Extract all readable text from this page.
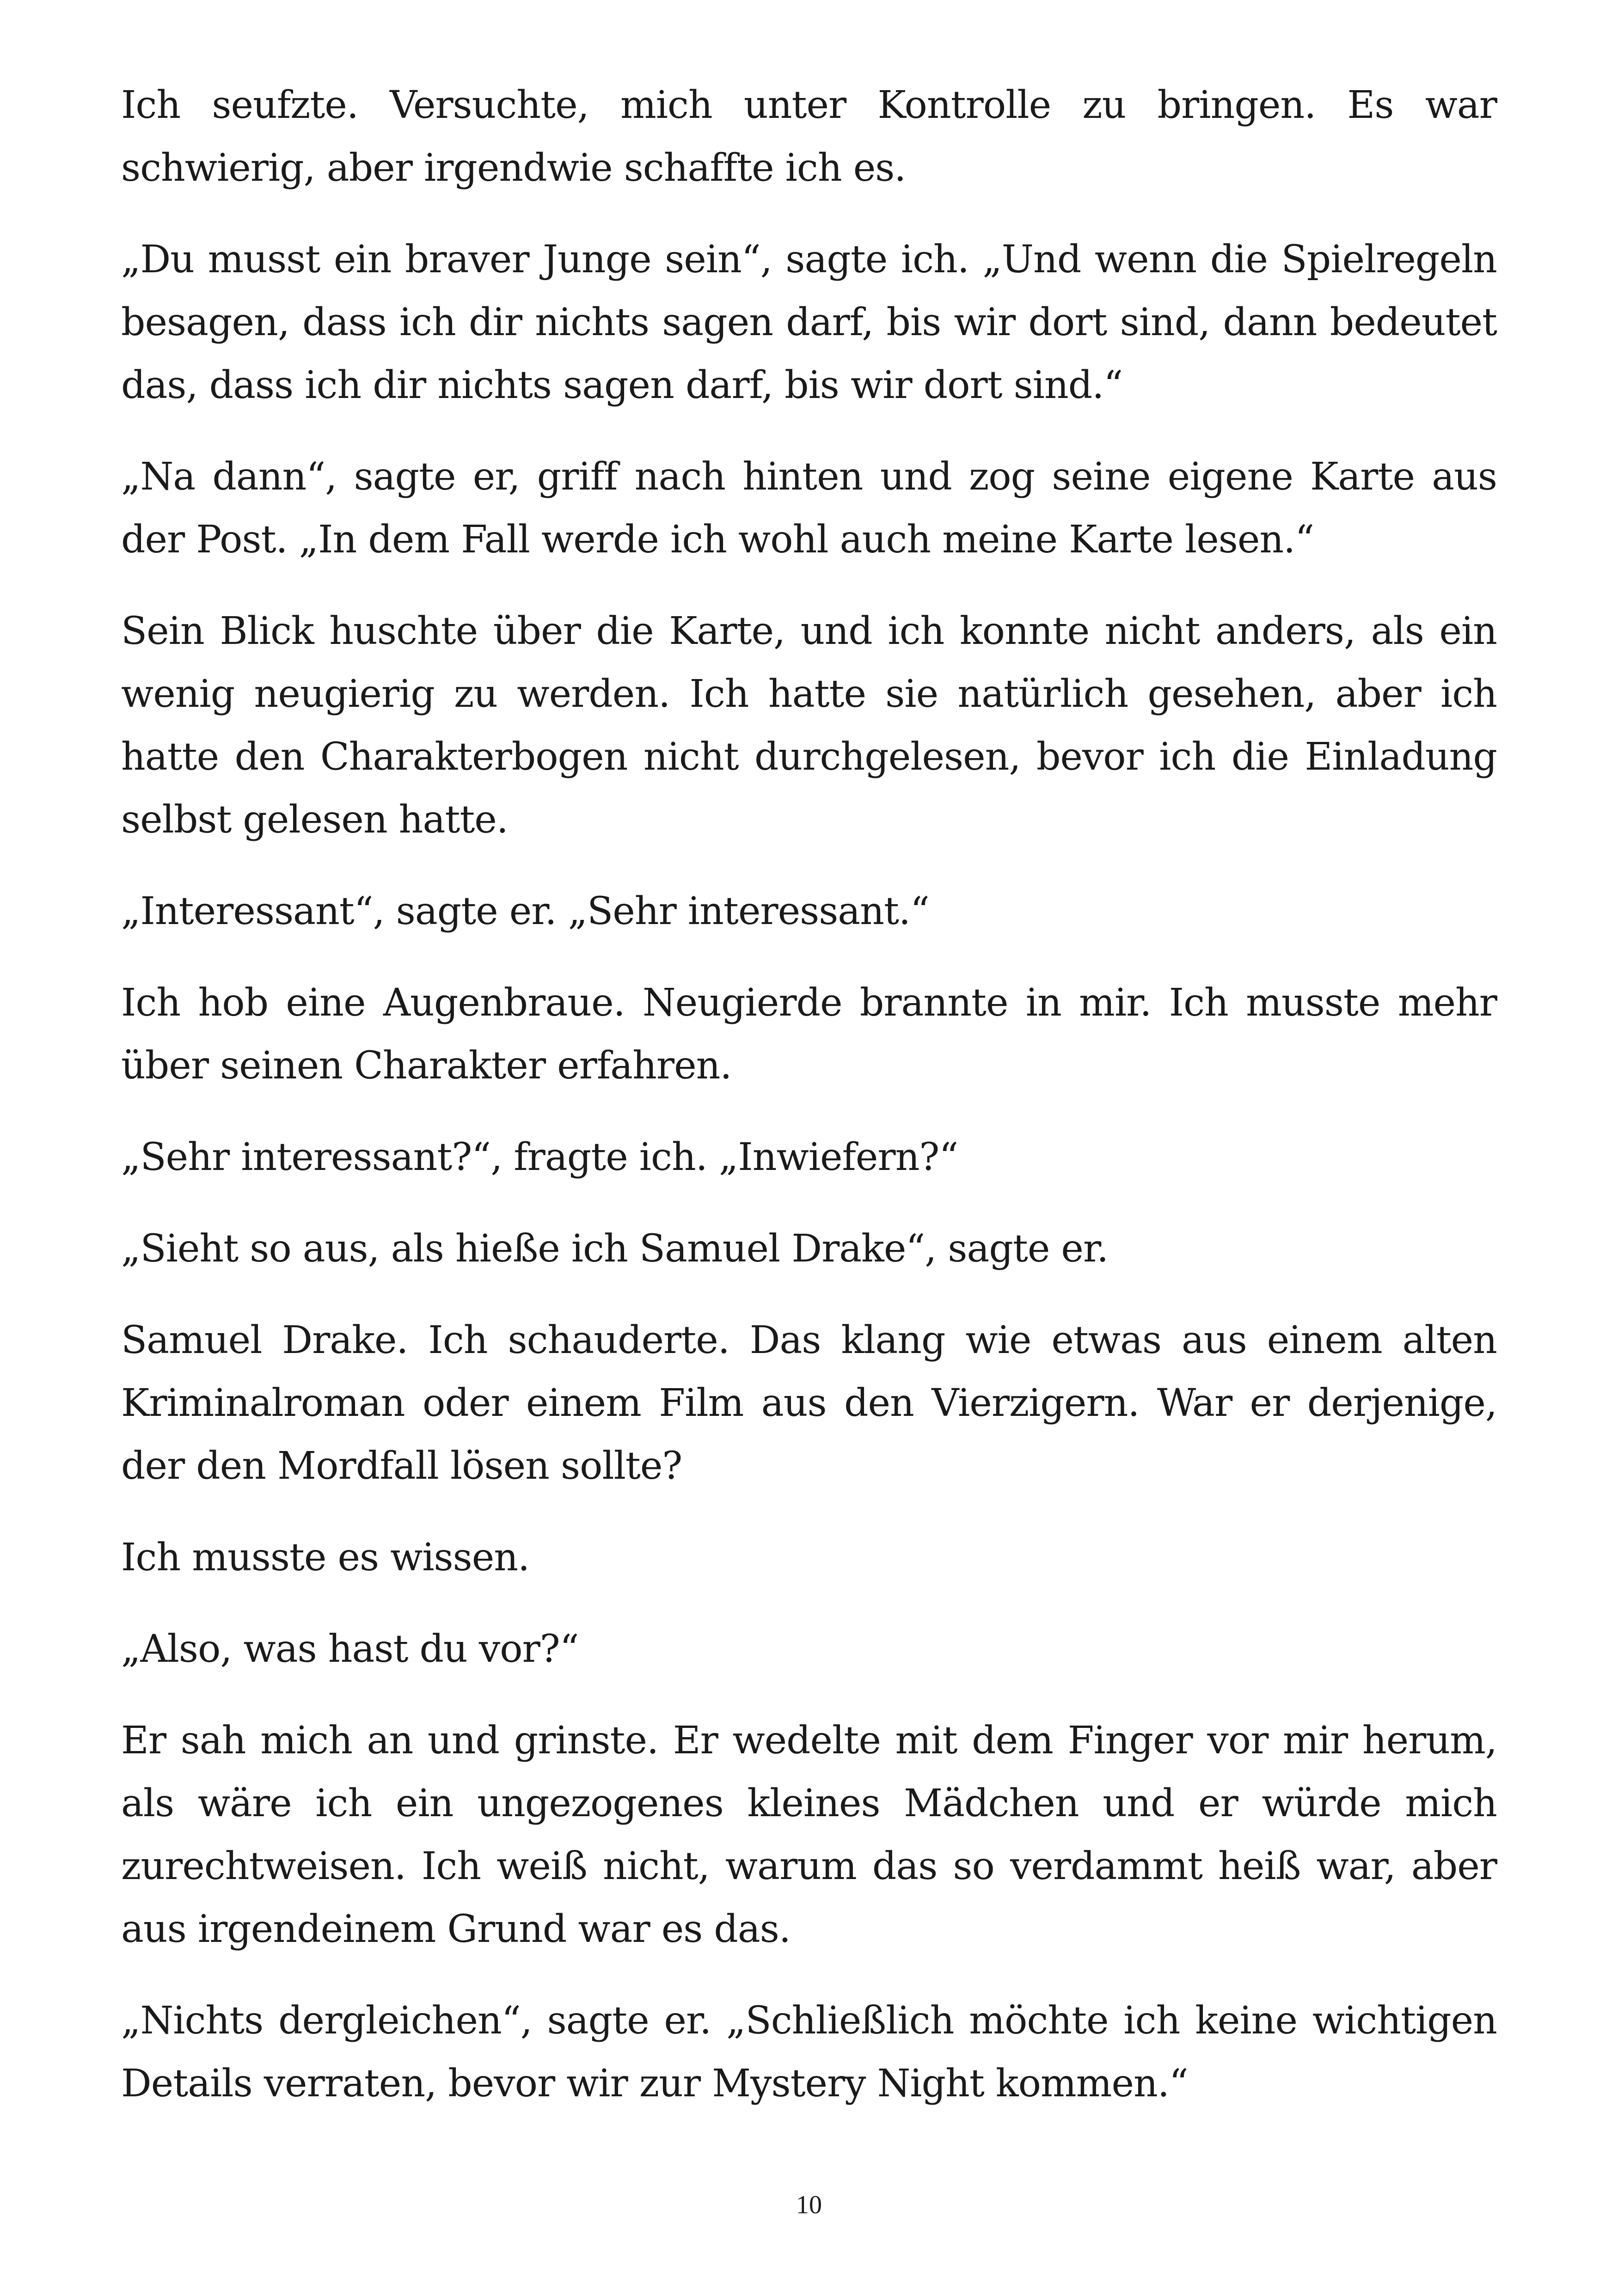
Ich seufzte. Versuchte, mich unter Kontrolle zu bringen. Es war schwierig, aber irgendwie schaffte ich es.

„Du musst ein braver Junge sein“, sagte ich. „Und wenn die Spielregeln besagen, dass ich dir nichts sagen darf, bis wir dort sind, dann bedeutet das, dass ich dir nichts sagen darf, bis wir dort sind.“

„Na dann“, sagte er, griff nach hinten und zog seine eigene Karte aus der Post. „In dem Fall werde ich wohl auch meine Karte lesen.“

Sein Blick huschte über die Karte, und ich konnte nicht anders, als ein wenig neugierig zu werden. Ich hatte sie natürlich gesehen, aber ich hatte den Charakterbogen nicht durchgelesen, bevor ich die Einladung selbst gelesen hatte.

„Interessant“, sagte er. „Sehr interessant.“

Ich hob eine Augenbraue. Neugierde brannte in mir. Ich musste mehr über seinen Charakter erfahren.

„Sehr interessant?“, fragte ich. „Inwiefern?“

„Sieht so aus, als hieße ich Samuel Drake“, sagte er.

Samuel Drake. Ich schauderte. Das klang wie etwas aus einem alten Kriminalroman oder einem Film aus den Vierzigern. War er derjenige, der den Mordfall lösen sollte?

Ich musste es wissen.

„Also, was hast du vor?“

Er sah mich an und grinste. Er wedelte mit dem Finger vor mir herum, als wäre ich ein ungezogenes kleines Mädchen und er würde mich zurechtweisen. Ich weiß nicht, warum das so verdammt heiß war, aber aus irgendeinem Grund war es das.

„Nichts dergleichen“, sagte er. „Schließlich möchte ich keine wichtigen Details verraten, bevor wir zur Mystery Night kommen.“

10
